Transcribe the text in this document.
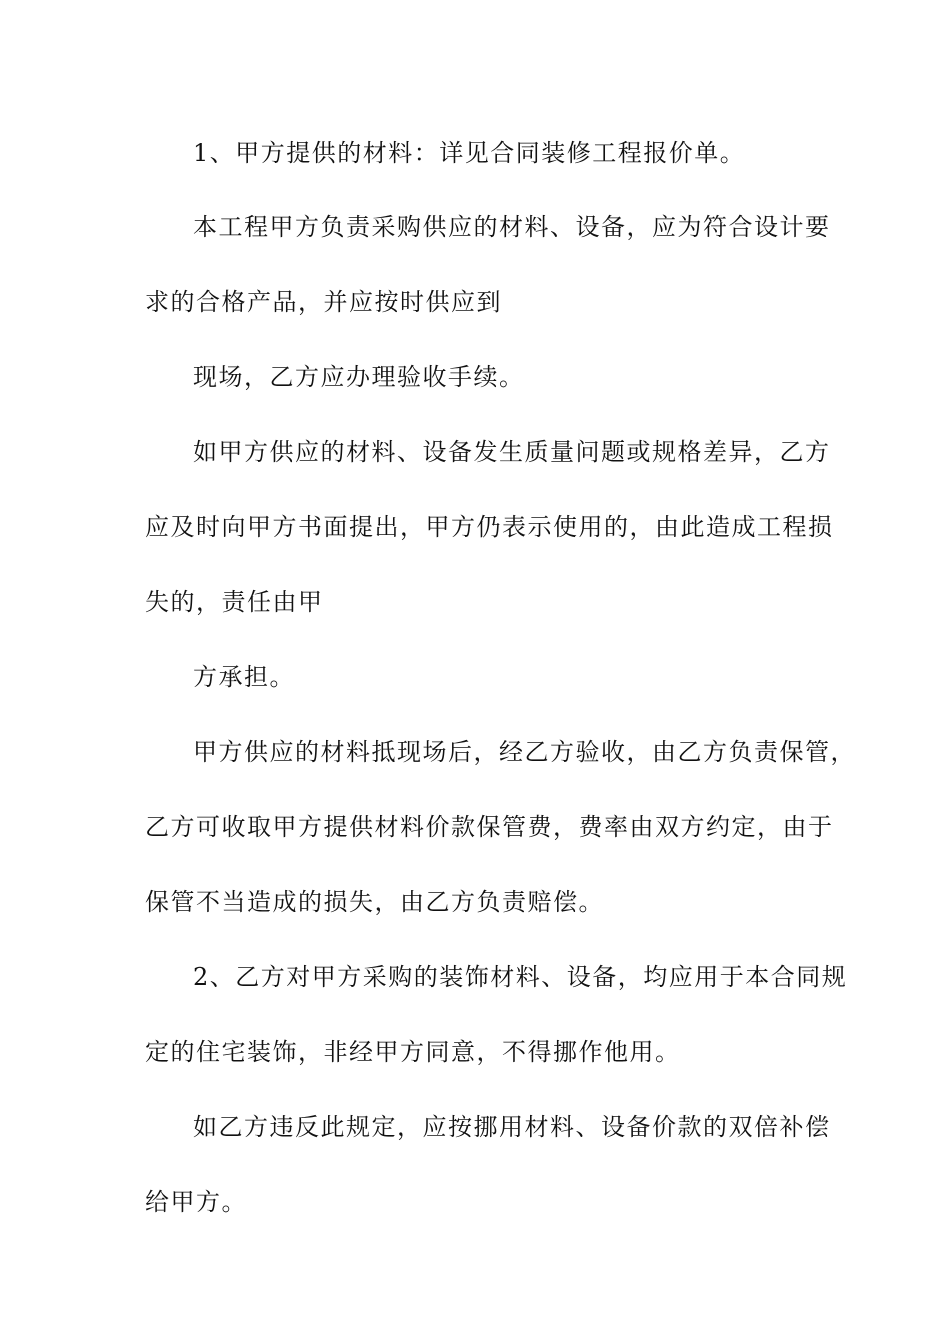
1、甲方提供的材料：详见合同装修工程报价单。
本工程甲方负责采购供应的材料、设备，应为符合设计要
求的合格产品，并应按时供应到
现场，乙方应办理验收手续。
如甲方供应的材料、设备发生质量问题或规格差异，乙方
应及时向甲方书面提出，甲方仍表示使用的，由此造成工程损
失的，责任由甲
方承担。
甲方供应的材料抵现场后，经乙方验收，由乙方负责保管，
乙方可收取甲方提供材料价款保管费，费率由双方约定，由于
保管不当造成的损失，由乙方负责赔偿。
2、乙方对甲方采购的装饰材料、设备，均应用于本合同规
定的住宅装饰，非经甲方同意，不得挪作他用。
如乙方违反此规定，应按挪用材料、设备价款的双倍补偿
给甲方。
